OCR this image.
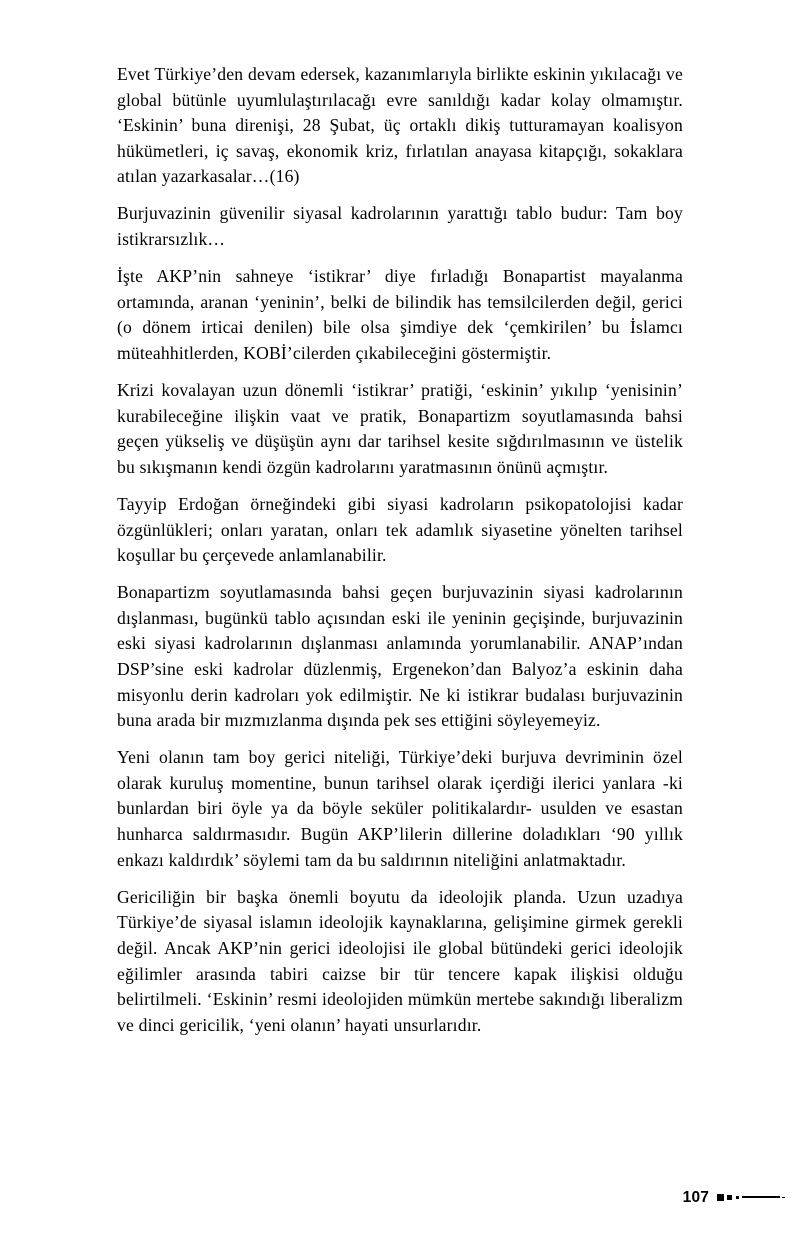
Evet Türkiye’den devam edersek, kazanımlarıyla birlikte eskinin yıkılacağı ve global bütünle uyumlulaştırılacağı evre sanıldığı kadar kolay olmamıştır. ‘Eskinin’ buna direnişi, 28 Şubat, üç ortaklı dikiş tutturamayan koalisyon hükümetleri, iç savaş, ekonomik kriz, fırlatılan anayasa kitapçığı, sokaklara atılan yazarkasalar…(16)

Burjuvazinin güvenilir siyasal kadrolarının yarattığı tablo budur: Tam boy istikrarsızlık…

İşte AKP’nin sahneye ‘istikrar’ diye fırladığı Bonapartist mayalanma ortamında, aranan ‘yeninin’, belki de bilindik has temsilcilerden değil, gerici (o dönem irticai denilen) bile olsa şimdiye dek ‘çemkirilen’ bu İslamcı müteahhitlerden, KOBİ’cilerden çıkabileceğini göstermiştir.

Krizi kovalayan uzun dönemli ‘istikrar’ pratiği, ‘eskinin’ yıkılıp ‘yenisinin’ kurabileceğine ilişkin vaat ve pratik, Bonapartizm soyutlamasında bahsi geçen yükseliş ve düşüşün aynı dar tarihsel kesite sığdırılmasının ve üstelik bu sıkışmanın kendi özgün kadrolarını yaratmasının önünü açmıştır.

Tayyip Erdoğan örneğindeki gibi siyasi kadroların psikopatolojisi kadar özgünlükleri; onları yaratan, onları tek adamlık siyasetine yönelten tarihsel koşullar bu çerçevede anlamlanabilir.

Bonapartizm soyutlamasında bahsi geçen burjuvazinin siyasi kadrolarının dışlanması, bugünkü tablo açısından eski ile yeninin geçişinde, burjuvazinin eski siyasi kadrolarının dışlanması anlamında yorumlanabilir. ANAP’ından DSP’sine eski kadrolar düzlenmiş, Ergenekon’dan Balyoz’a eskinin daha misyonlu derin kadroları yok edilmiştir. Ne ki istikrar budalası burjuvazinin buna arada bir mızmızlanma dışında pek ses ettiğini söyleyemeyiz.

Yeni olanın tam boy gerici niteliği, Türkiye’deki burjuva devriminin özel olarak kuruluş momentine, bunun tarihsel olarak içerdiği ilerici yanlara -ki bunlardan biri öyle ya da böyle seküler politikalardır- usulden ve esastan hunharca saldırmasıdır. Bugün AKP’lilerin dillerine doladıkları ‘90 yıllık enkazı kaldırdık’ söylemi tam da bu saldırının niteliğini anlatmaktadır.

Gericiliğin bir başka önemli boyutu da ideolojik planda. Uzun uzadıya Türkiye’de siyasal islamın ideolojik kaynaklarına, gelişimine girmek gerekli değil. Ancak AKP’nin gerici ideolojisi ile global bütündeki gerici ideolojik eğilimler arasında tabiri caizse bir tür tencere kapak ilişkisi olduğu belirtilmeli. ‘Eskinin’ resmi ideolojiden mümkün mertebe sakındığı liberalizm ve dinci gericilik, ‘yeni olanın’ hayati unsurlarıdır.

107
